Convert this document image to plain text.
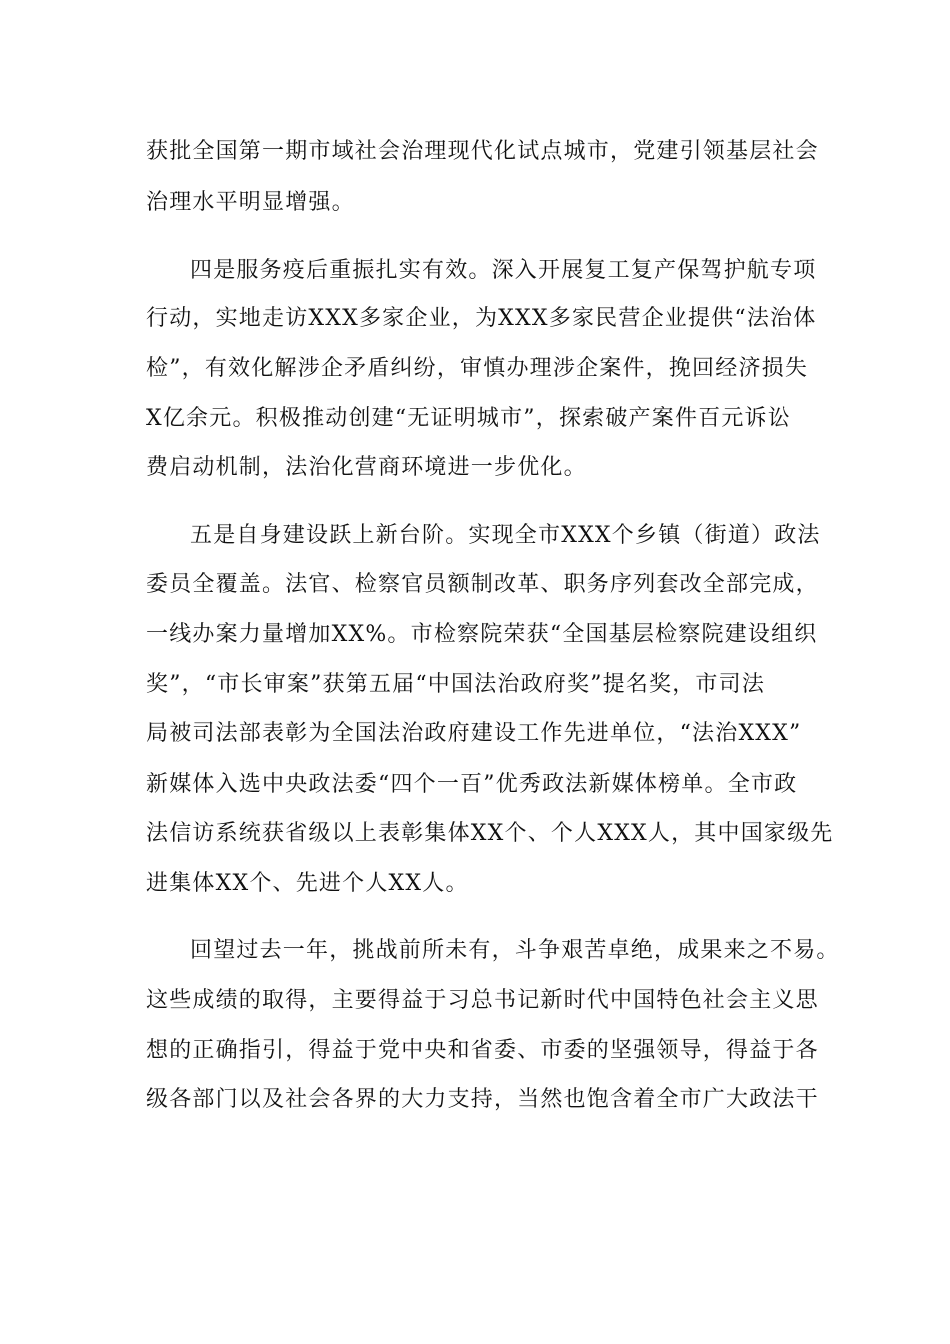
获批全国第一期市域社会治理现代化试点城市，党建引领基层社会
治理水平明显增强。
四是服务疫后重振扎实有效。深入开展复工复产保驾护航专项
行动，实地走访XXX多家企业，为XXX多家民营企业提供“法治体
检”，有效化解涉企矛盾纠纷，审慎办理涉企案件，挽回经济损失
X亿余元。积极推动创建“无证明城市”，探索破产案件百元诉讼
费启动机制，法治化营商环境进一步优化。
五是自身建设跃上新台阶。实现全市XXX个乡镇（街道）政法
委员全覆盖。法官、检察官员额制改革、职务序列套改全部完成，
一线办案力量增加XX%。市检察院荣获“全国基层检察院建设组织
奖”，“市长审案”获第五届“中国法治政府奖”提名奖，市司法
局被司法部表彰为全国法治政府建设工作先进单位，“法治XXX”
新媒体入选中央政法委“四个一百”优秀政法新媒体榜单。全市政
法信访系统获省级以上表彰集体XX个、个人XXX人，其中国家级先
进集体XX个、先进个人XX人。
回望过去一年，挑战前所未有，斗争艰苦卓绝，成果来之不易。
这些成绩的取得，主要得益于习总书记新时代中国特色社会主义思
想的正确指引，得益于党中央和省委、市委的坚强领导，得益于各
级各部门以及社会各界的大力支持，当然也饱含着全市广大政法干
